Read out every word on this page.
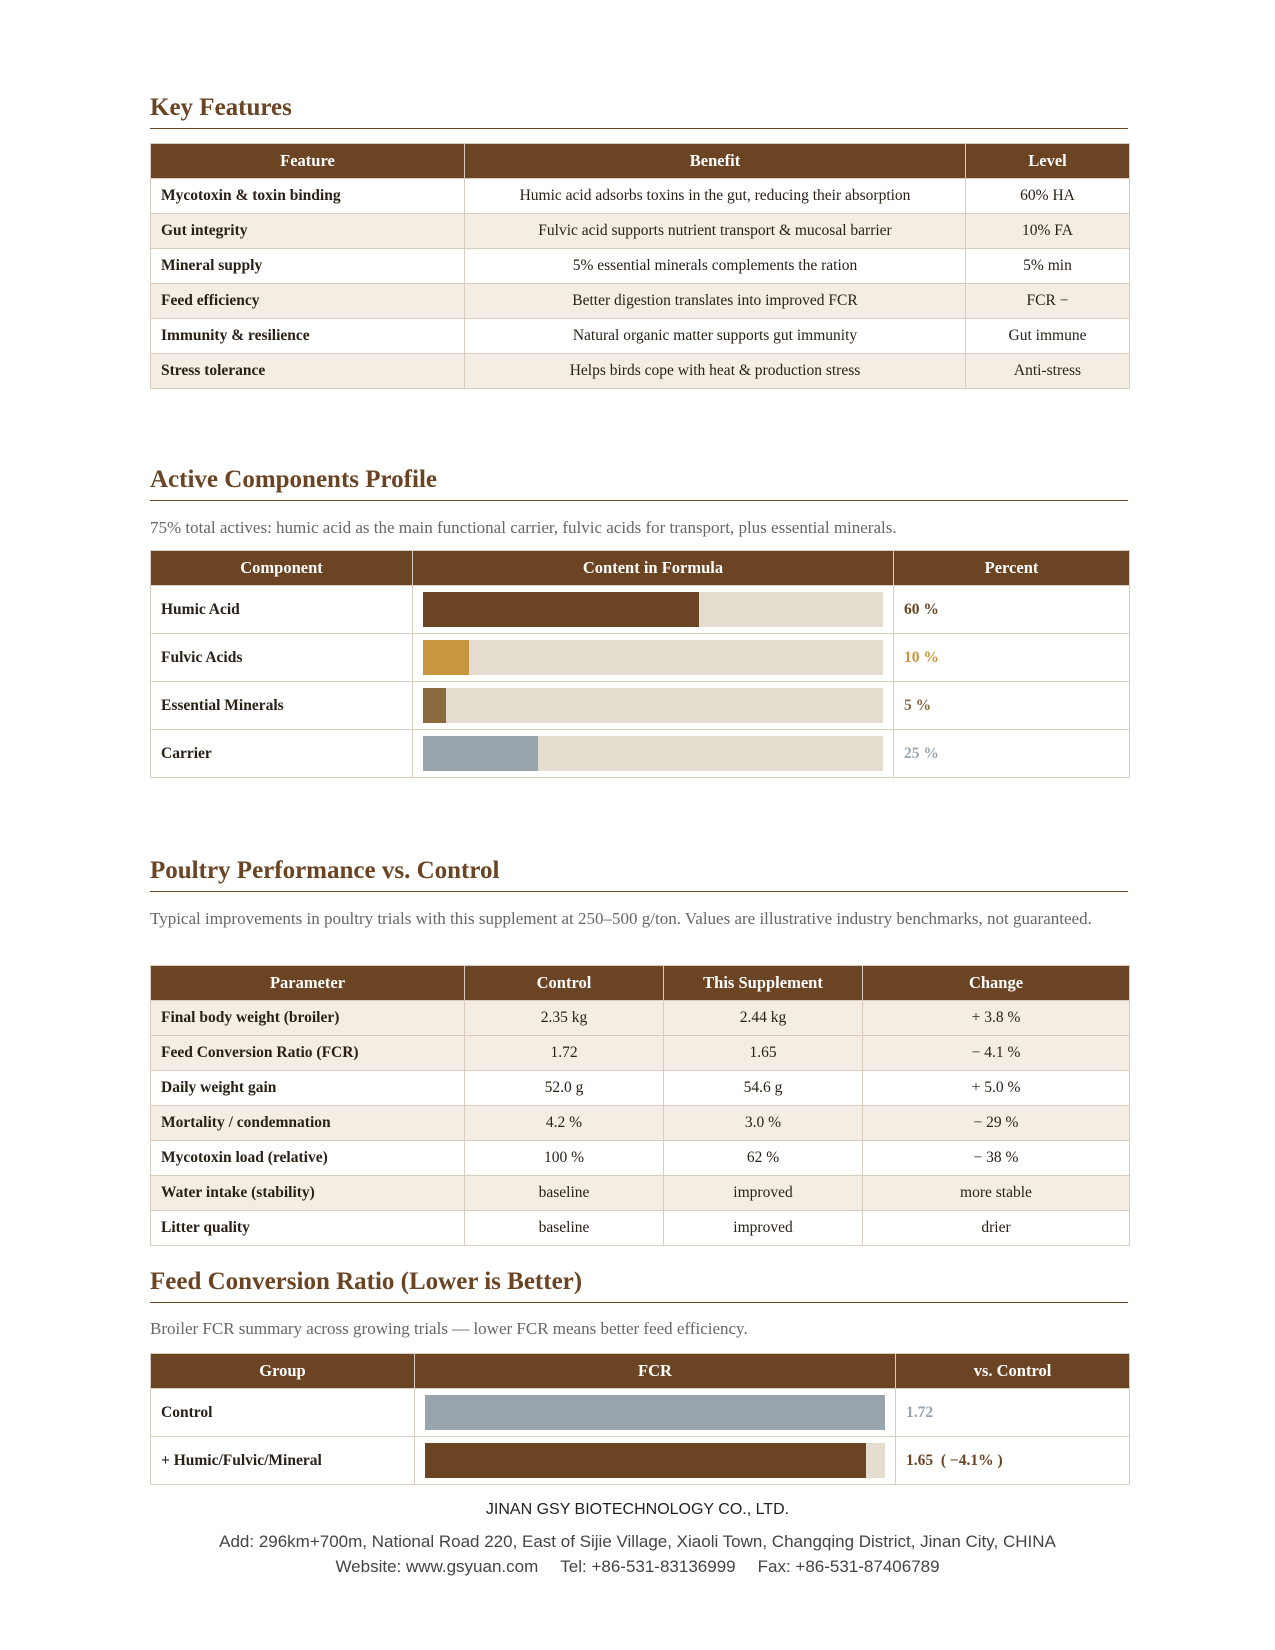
Key Features
Feature	Benefit	Level
Mycotoxin & toxin binding	Humic acid adsorbs toxins in the gut, reducing their absorption	60% HA
Gut integrity	Fulvic acid supports nutrient transport & mucosal barrier	10% FA
Mineral supply	5% essential minerals complements the ration	5% min
Feed efficiency	Better digestion translates into improved FCR	FCR −
Immunity & resilience	Natural organic matter supports gut immunity	Gut immune
Stress tolerance	Helps birds cope with heat & production stress	Anti-stress
Active Components Profile

75% total actives: humic acid as the main functional carrier, fulvic acids for transport, plus essential minerals.

Component	Content in Formula	Percent
Humic Acid		60 %
Fulvic Acids		10 %
Essential Minerals		5 %
Carrier		25 %
Poultry Performance vs. Control

Typical improvements in poultry trials with this supplement at 250–500 g/ton. Values are illustrative industry benchmarks, not guaranteed.

Parameter	Control	This Supplement	Change
Final body weight (broiler)	2.35 kg	2.44 kg	+ 3.8 %
Feed Conversion Ratio (FCR)	1.72	1.65	− 4.1 %
Daily weight gain	52.0 g	54.6 g	+ 5.0 %
Mortality / condemnation	4.2 %	3.0 %	− 29 %
Mycotoxin load (relative)	100 %	62 %	− 38 %
Water intake (stability)	baseline	improved	more stable
Litter quality	baseline	improved	drier
Feed Conversion Ratio (Lower is Better)

Broiler FCR summary across growing trials — lower FCR means better feed efficiency.

Group	FCR	vs. Control
Control		1.72
+ Humic/Fulvic/Mineral		1.65  ( −4.1% )
JINAN GSY BIOTECHNOLOGY CO., LTD.
Add: 296km+700m, National Road 220, East of Sijie Village, Xiaoli Town, Changqing District, Jinan City, CHINA
Website: www.gsyuan.com Tel: +86-531-83136999 Fax: +86-531-87406789
